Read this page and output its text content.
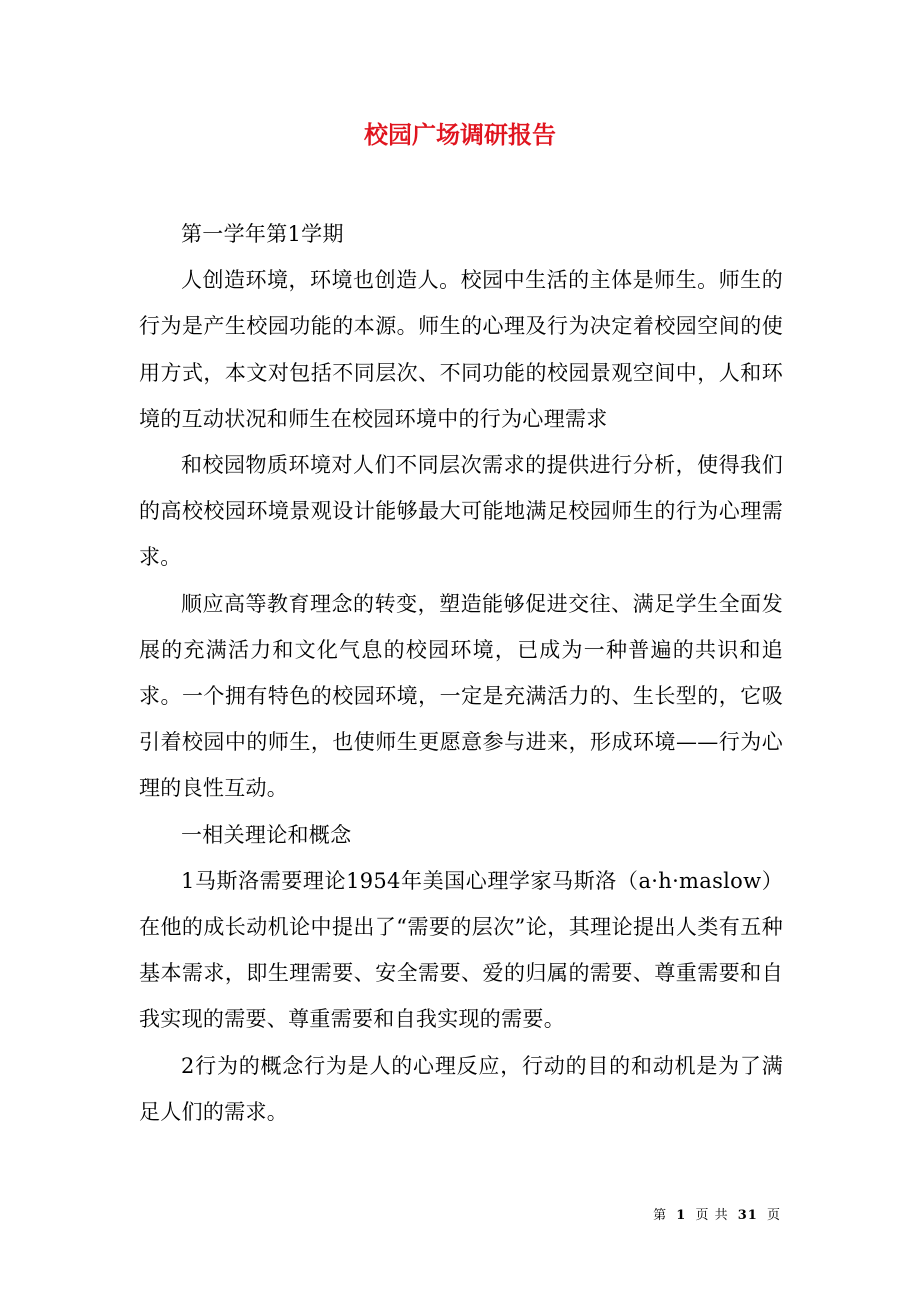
校园广场调研报告

第一学年第1学期

人创造环境，环境也创造人。校园中生活的主体是师生。师生的行为是产生校园功能的本源。师生的心理及行为决定着校园空间的使用方式，本文对包括不同层次、不同功能的校园景观空间中，人和环境的互动状况和师生在校园环境中的行为心理需求

和校园物质环境对人们不同层次需求的提供进行分析，使得我们的高校校园环境景观设计能够最大可能地满足校园师生的行为心理需求。

顺应高等教育理念的转变，塑造能够促进交往、满足学生全面发展的充满活力和文化气息的校园环境，已成为一种普遍的共识和追求。一个拥有特色的校园环境，一定是充满活力的、生长型的，它吸引着校园中的师生，也使师生更愿意参与进来，形成环境——行为心理的良性互动。

一相关理论和概念

1马斯洛需要理论1954年美国心理学家马斯洛（a·h·maslow）在他的成长动机论中提出了“需要的层次”论，其理论提出人类有五种基本需求，即生理需要、安全需要、爱的归属的需要、尊重需要和自我实现的需要、尊重需要和自我实现的需要。

2行为的概念行为是人的心理反应，行动的目的和动机是为了满足人们的需求。

第 1 页 共 31 页
